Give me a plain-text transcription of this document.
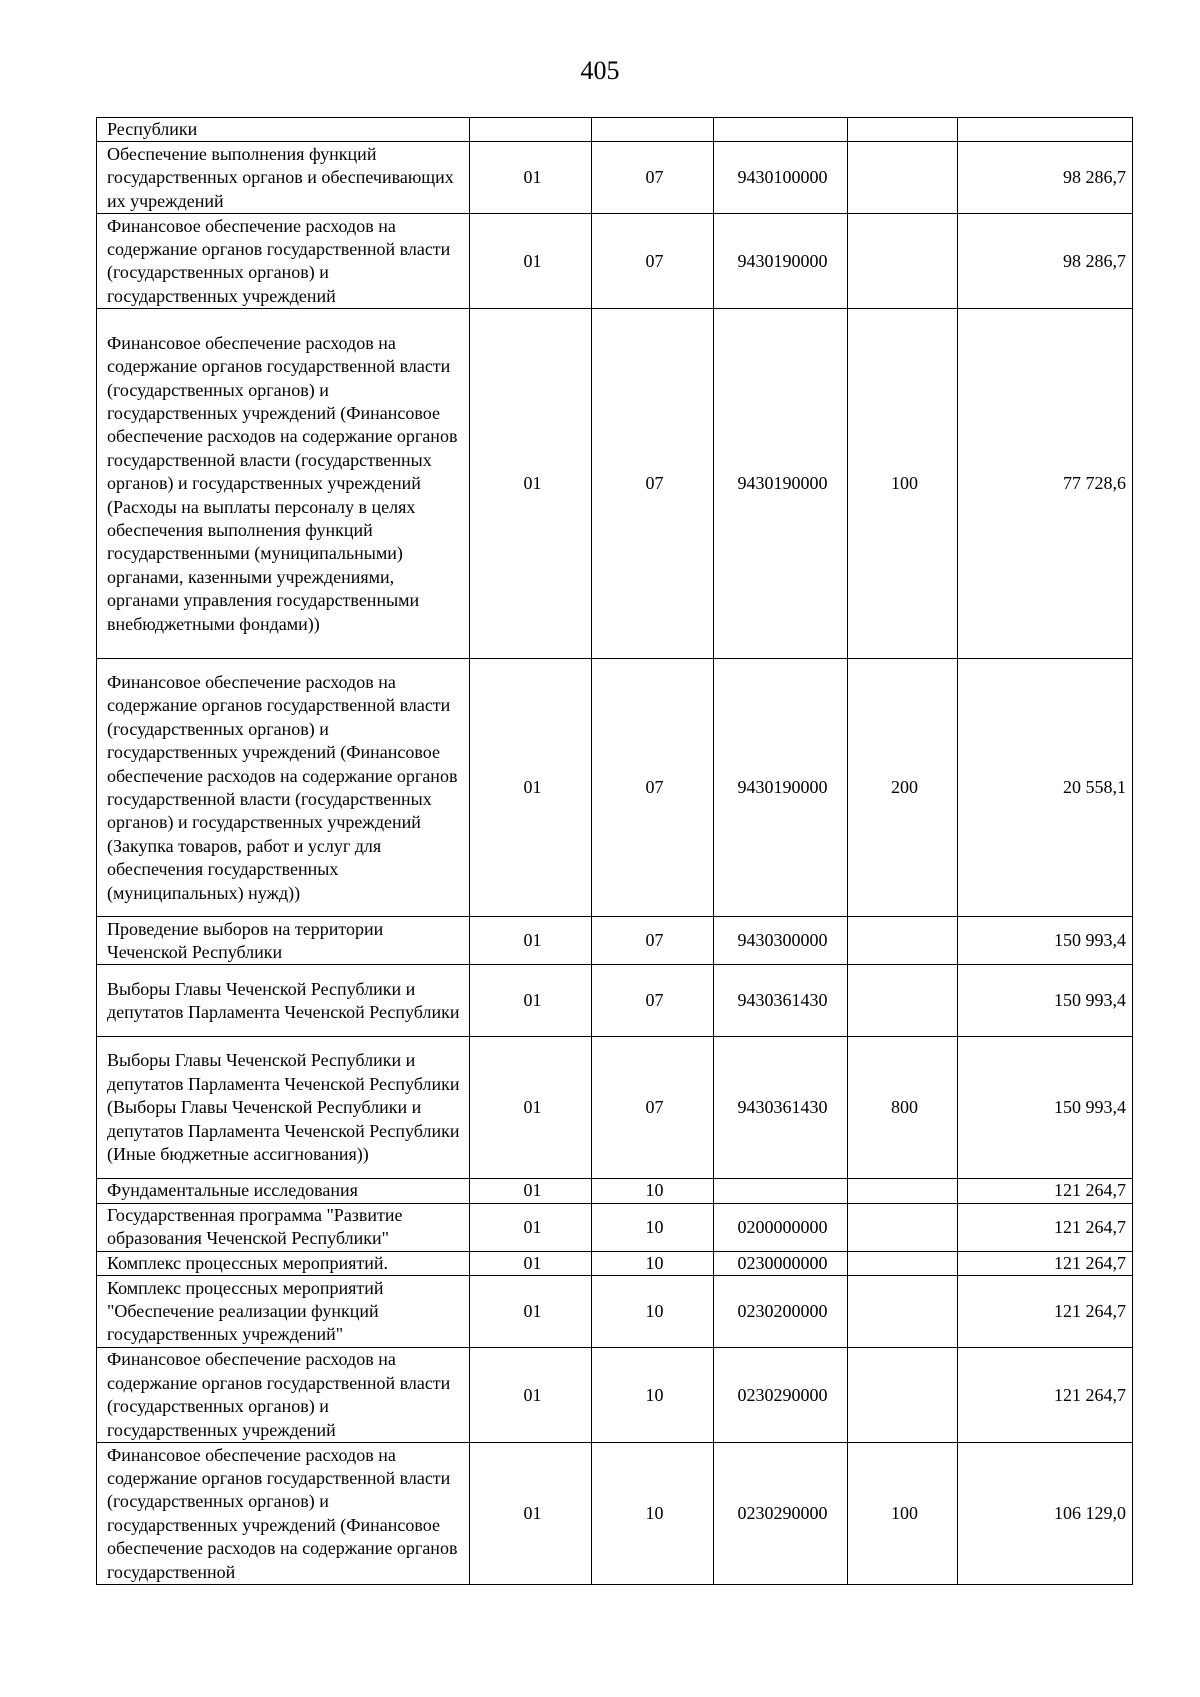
405
Республики					
Обеспечение выполнения функций государственных органов и обеспечивающих их учреждений	01	07	9430100000		98 286,7
Финансовое обеспечение расходов на содержание органов государственной власти (государственных органов) и государственных учреждений	01	07	9430190000		98 286,7
Финансовое обеспечение расходов на содержание органов государственной власти (государственных органов) и государственных учреждений (Финансовое обеспечение расходов на содержание органов государственной власти (государственных органов) и государственных учреждений (Расходы на выплаты персоналу в целях обеспечения выполнения функций государственными (муниципальными) органами, казенными учреждениями, органами управления государственными внебюджетными фондами))	01	07	9430190000	100	77 728,6
Финансовое обеспечение расходов на содержание органов государственной власти (государственных органов) и государственных учреждений (Финансовое обеспечение расходов на содержание органов государственной власти (государственных органов) и государственных учреждений (Закупка товаров, работ и услуг для обеспечения государственных (муниципальных) нужд))	01	07	9430190000	200	20 558,1
Проведение выборов на территории Чеченской Республики	01	07	9430300000		150 993,4
Выборы Главы Чеченской Республики и депутатов Парламента Чеченской Республики	01	07	9430361430		150 993,4
Выборы Главы Чеченской Республики и депутатов Парламента Чеченской Республики (Выборы Главы Чеченской Республики и депутатов Парламента Чеченской Республики (Иные бюджетные ассигнования))	01	07	9430361430	800	150 993,4
Фундаментальные исследования	01	10			121 264,7
Государственная программа "Развитие образования Чеченской Республики"	01	10	0200000000		121 264,7
Комплекс процессных мероприятий.	01	10	0230000000		121 264,7
Комплекс процессных мероприятий "Обеспечение реализации функций государственных учреждений"	01	10	0230200000		121 264,7
Финансовое обеспечение расходов на содержание органов государственной власти (государственных органов) и государственных учреждений	01	10	0230290000		121 264,7
Финансовое обеспечение расходов на содержание органов государственной власти (государственных органов) и государственных учреждений (Финансовое обеспечение расходов на содержание органов государственной	01	10	0230290000	100	106 129,0
